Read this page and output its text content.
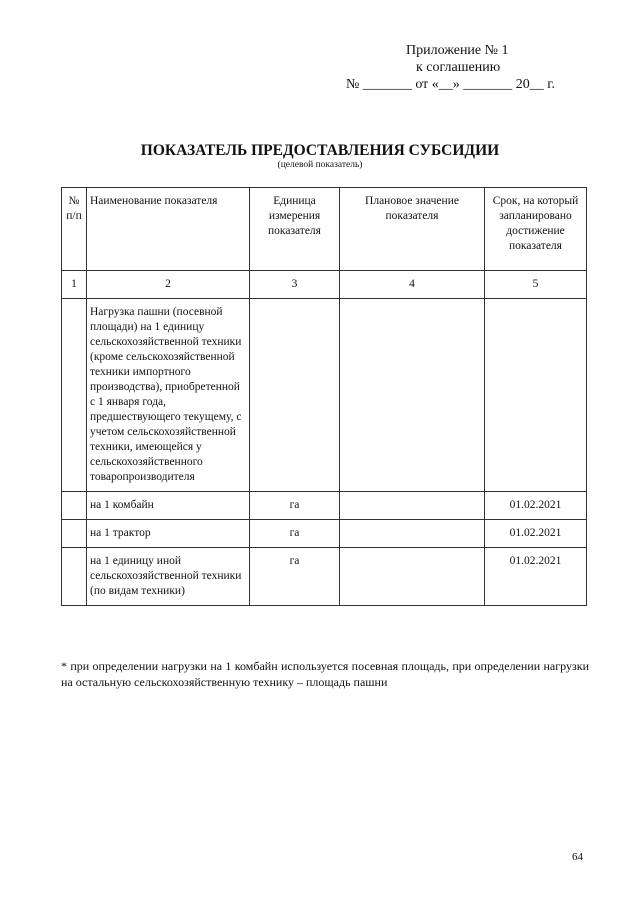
Приложение № 1
к соглашению
№ _______ от «__» _______ 20__ г.
ПОКАЗАТЕЛЬ ПРЕДОСТАВЛЕНИЯ СУБСИДИИ
(целевой показатель)
№ п/п	Наименование показателя	Единица измерения показателя	Плановое значение показателя	Срок, на который запланировано достижение показателя
1	2	3	4	5
	Нагрузка пашни (посевной площади) на 1 единицу сельскохозяйственной техники (кроме сельскохозяйственной техники импортного производства), приобретенной с 1 января года, предшествующего текущему, с учетом сельскохозяйственной техники, имеющейся у сельскохозяйственного товаропроизводителя			
	на 1 комбайн	га		01.02.2021
	на 1 трактор	га		01.02.2021
	на 1 единицу иной сельскохозяйственной техники (по видам техники)	га		01.02.2021
* при определении нагрузки на 1 комбайн используется посевная площадь, при определении нагрузки на остальную сельскохозяйственную технику – площадь пашни
64
